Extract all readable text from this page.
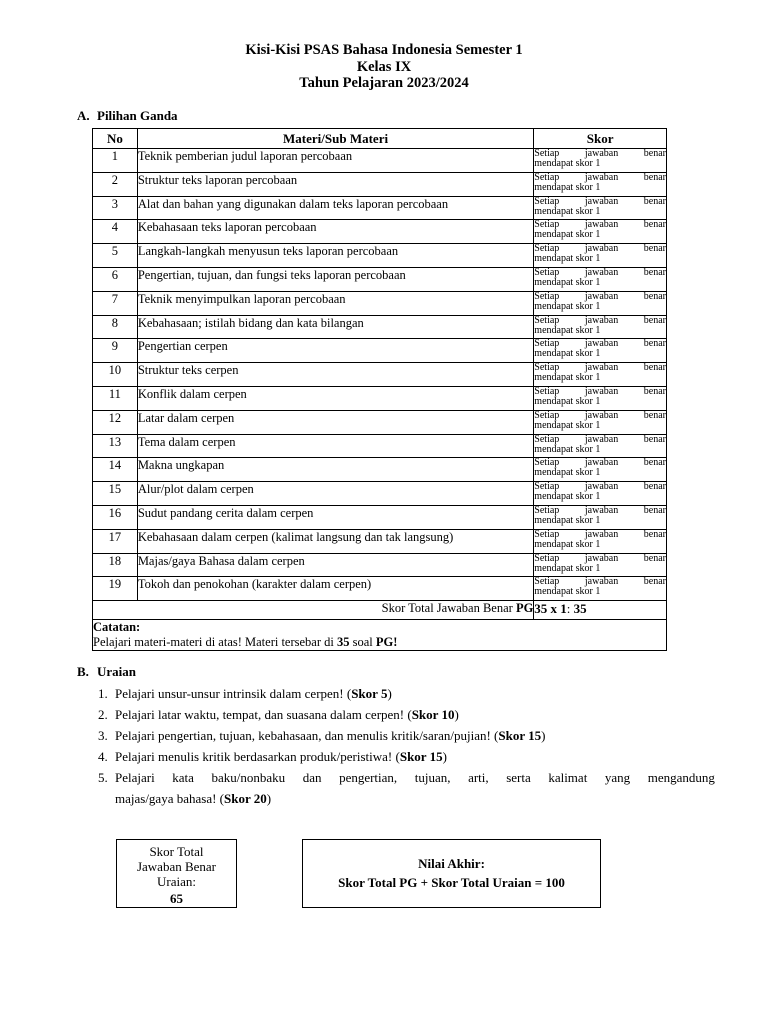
Kisi-Kisi PSAS Bahasa Indonesia Semester 1
Kelas IX
Tahun Pelajaran 2023/2024
A. Pilihan Ganda
No	Materi/Sub Materi	Skor
1	Teknik pemberian judul laporan percobaan	Setiap jawaban benar
mendapat skor 1

2	Struktur teks laporan percobaan	Setiap jawaban benar
mendapat skor 1

3	Alat dan bahan yang digunakan dalam teks laporan percobaan	Setiap jawaban benar
mendapat skor 1

4	Kebahasaan teks laporan percobaan	Setiap jawaban benar
mendapat skor 1

5	Langkah-langkah menyusun teks laporan percobaan	Setiap jawaban benar
mendapat skor 1

6	Pengertian, tujuan, dan fungsi teks laporan percobaan	Setiap jawaban benar
mendapat skor 1

7	Teknik menyimpulkan laporan percobaan	Setiap jawaban benar
mendapat skor 1

8	Kebahasaan; istilah bidang dan kata bilangan	Setiap jawaban benar
mendapat skor 1

9	Pengertian cerpen	Setiap jawaban benar
mendapat skor 1

10	Struktur teks cerpen	Setiap jawaban benar
mendapat skor 1

11	Konflik dalam cerpen	Setiap jawaban benar
mendapat skor 1

12	Latar dalam cerpen	Setiap jawaban benar
mendapat skor 1

13	Tema dalam cerpen	Setiap jawaban benar
mendapat skor 1

14	Makna ungkapan	Setiap jawaban benar
mendapat skor 1

15	Alur/plot dalam cerpen	Setiap jawaban benar
mendapat skor 1

16	Sudut pandang cerita dalam cerpen	Setiap jawaban benar
mendapat skor 1

17	Kebahasaan dalam cerpen (kalimat langsung dan tak langsung)	Setiap jawaban benar
mendapat skor 1

18	Majas/gaya Bahasa dalam cerpen	Setiap jawaban benar
mendapat skor 1

19	Tokoh dan penokohan (karakter dalam cerpen)	Setiap jawaban benar
mendapat skor 1

Skor Total Jawaban Benar PG		35 x 1: 35

Catatan:
Pelajari materi-materi di atas! Materi tersebar di 35 soal PG!		
B. Uraian
1. Pelajari unsur-unsur intrinsik dalam cerpen! (Skor 5)
2. Pelajari latar waktu, tempat, dan suasana dalam cerpen! (Skor 10)
3. Pelajari pengertian, tujuan, kebahasaan, dan menulis kritik/saran/pujian! (Skor 15)
4. Pelajari menulis kritik berdasarkan produk/peristiwa! (Skor 15)
5. Pelajari kata baku/nonbaku dan pengertian, tujuan, arti, serta kalimat yang mengandung
majas/gaya bahasa! (Skor 20)
Skor Total
Jawaban Benar
Uraian:
65
Nilai Akhir:
Skor Total PG + Skor Total Uraian = 100
